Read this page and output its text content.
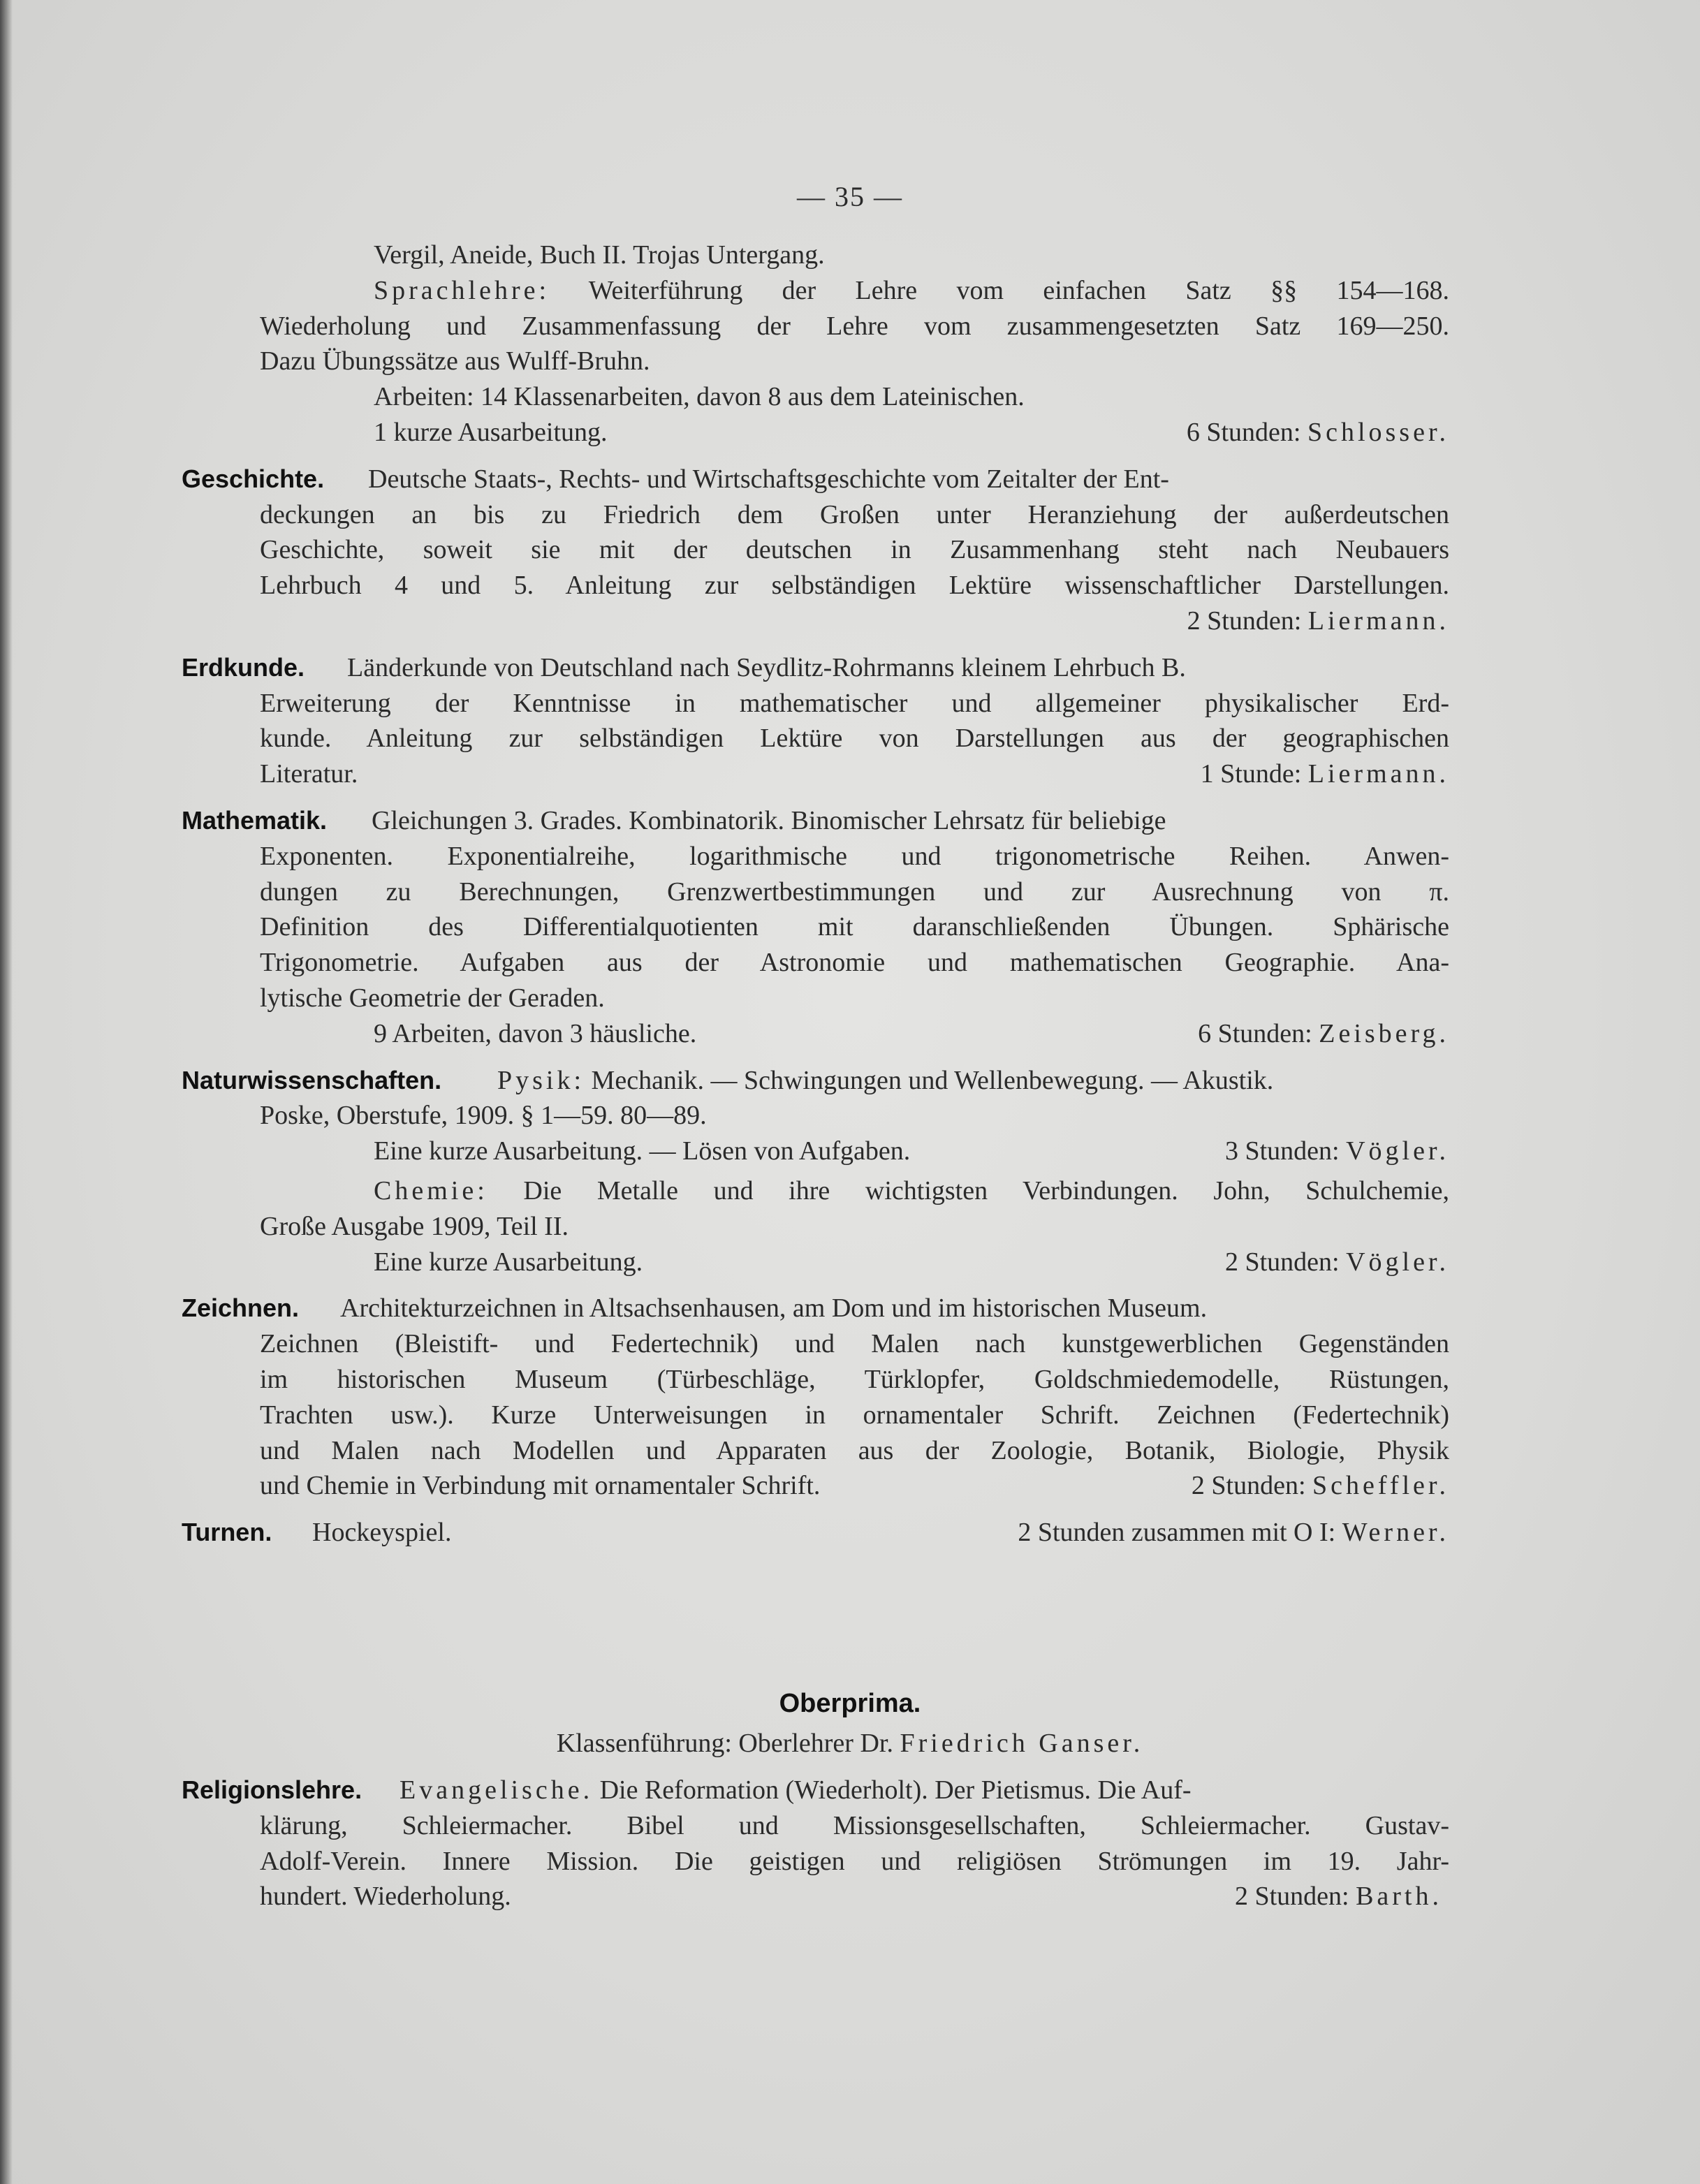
— 35 —
Vergil, Aneide, Buch II. Trojas Untergang.
Sprachlehre: Weiterführung der Lehre vom einfachen Satz §§ 154—168.
Wiederholung und Zusammenfassung der Lehre vom zusammengesetzten Satz 169—250.
Dazu Übungssätze aus Wulff-Bruhn.
Arbeiten: 14 Klassenarbeiten, davon 8 aus dem Lateinischen.
1 kurze Ausarbeitung.	6 Stunden: Schlosser.
Geschichte. Deutsche Staats-, Rechts- und Wirtschaftsgeschichte vom Zeitalter der Ent-
deckungen an bis zu Friedrich dem Großen unter Heranziehung der außerdeutschen
Geschichte, soweit sie mit der deutschen in Zusammenhang steht nach Neubauers
Lehrbuch 4 und 5. Anleitung zur selbständigen Lektüre wissenschaftlicher Darstellungen.
2 Stunden: Liermann.
Erdkunde. Länderkunde von Deutschland nach Seydlitz-Rohrmanns kleinem Lehrbuch B.
Erweiterung der Kenntnisse in mathematischer und allgemeiner physikalischer Erd-
kunde. Anleitung zur selbständigen Lektüre von Darstellungen aus der geographischen
Literatur.	1 Stunde: Liermann.
Mathematik. Gleichungen 3. Grades. Kombinatorik. Binomischer Lehrsatz für beliebige
Exponenten. Exponentialreihe, logarithmische und trigonometrische Reihen. Anwen-
dungen zu Berechnungen, Grenzwertbestimmungen und zur Ausrechnung von π.
Definition des Differentialquotienten mit daranschließenden Übungen. Sphärische
Trigonometrie. Aufgaben aus der Astronomie und mathematischen Geographie. Ana-
lytische Geometrie der Geraden.
9 Arbeiten, davon 3 häusliche.	6 Stunden: Zeisberg.
Naturwissenschaften. Pysik: Mechanik. — Schwingungen und Wellenbewegung. — Akustik.
Poske, Oberstufe, 1909. § 1—59. 80—89.
Eine kurze Ausarbeitung. — Lösen von Aufgaben.	3 Stunden: Vögler.
Chemie: Die Metalle und ihre wichtigsten Verbindungen. John, Schulchemie,
Große Ausgabe 1909, Teil II.
Eine kurze Ausarbeitung.	2 Stunden: Vögler.
Zeichnen. Architekturzeichnen in Altsachsenhausen, am Dom und im historischen Museum.
Zeichnen (Bleistift- und Federtechnik) und Malen nach kunstgewerblichen Gegenständen
im historischen Museum (Türbeschläge, Türklopfer, Goldschmiedemodelle, Rüstungen,
Trachten usw.). Kurze Unterweisungen in ornamentaler Schrift. Zeichnen (Federtechnik)
und Malen nach Modellen und Apparaten aus der Zoologie, Botanik, Biologie, Physik
und Chemie in Verbindung mit ornamentaler Schrift.	2 Stunden: Scheffler.
Turnen. Hockeyspiel.	2 Stunden zusammen mit O I: Werner.
Oberprima.
Klassenführung: Oberlehrer Dr. Friedrich Ganser.
Religionslehre. Evangelische. Die Reformation (Wiederholt). Der Pietismus. Die Auf-
klärung, Schleiermacher. Bibel und Missionsgesellschaften, Schleiermacher. Gustav-
Adolf-Verein. Innere Mission. Die geistigen und religiösen Strömungen im 19. Jahr-
hundert. Wiederholung.	2 Stunden: Barth.
